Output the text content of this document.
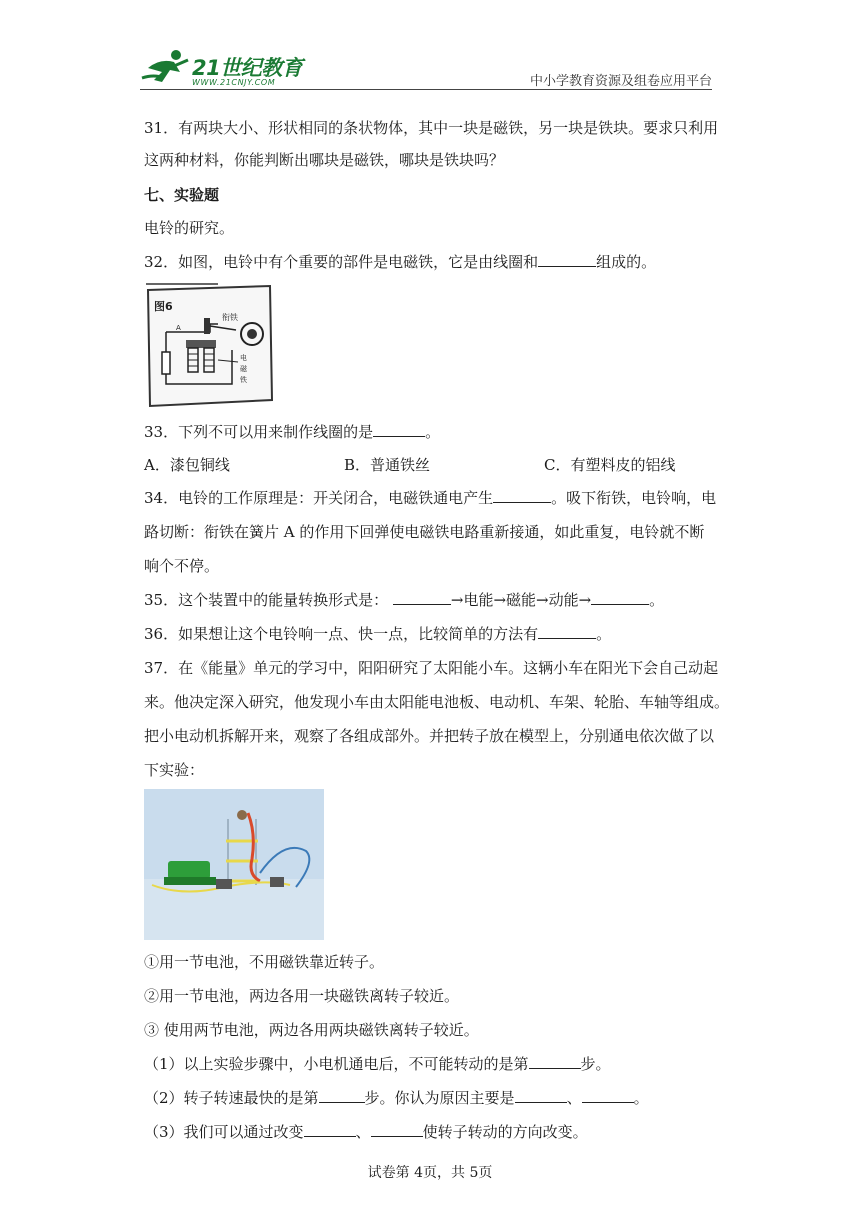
21世纪教育
WWW.21CNJY.COM	中小学教育资源及组卷应用平台
31．有两块大小、形状相同的条状物体，其中一块是磁铁，另一块是铁块。要求只利用
这两种材料，你能判断出哪块是磁铁，哪块是铁块吗？
七、实验题
电铃的研究。
32．如图，电铃中有个重要的部件是电磁铁，它是由线圈和	组成的。
图6
衔铁
A
电
磁
铁
33．下列不可以用来制作线圈的是	。
A．漆包铜线	B．普通铁丝	C．有塑料皮的铝线
34．电铃的工作原理是：开关闭合，电磁铁通电产生	。吸下衔铁，电铃响，电
路切断：衔铁在簧片 A 的作用下回弹使电磁铁电路重新接通，如此重复，电铃就不断
响个不停。
35．这个装置中的能量转换形式是：	→电能→磁能→动能→	。
36．如果想让这个电铃响一点、快一点，比较简单的方法有	。
37．在《能量》单元的学习中，阳阳研究了太阳能小车。这辆小车在阳光下会自己动起
来。他决定深入研究，他发现小车由太阳能电池板、电动机、车架、轮胎、车轴等组成。
把小电动机拆解开来，观察了各组成部外。并把转子放在模型上，分别通电依次做了以
下实验：
①用一节电池，不用磁铁靠近转子。
②用一节电池，两边各用一块磁铁离转子较近。
③ 使用两节电池，两边各用两块磁铁离转子较近。
（1）以上实验步骤中，小电机通电后，不可能转动的是第	步。
（2）转子转速最快的是第	步。你认为原因主要是	、	。
（3）我们可以通过改变	、	使转子转动的方向改变。
试卷第 4页，共 5页
